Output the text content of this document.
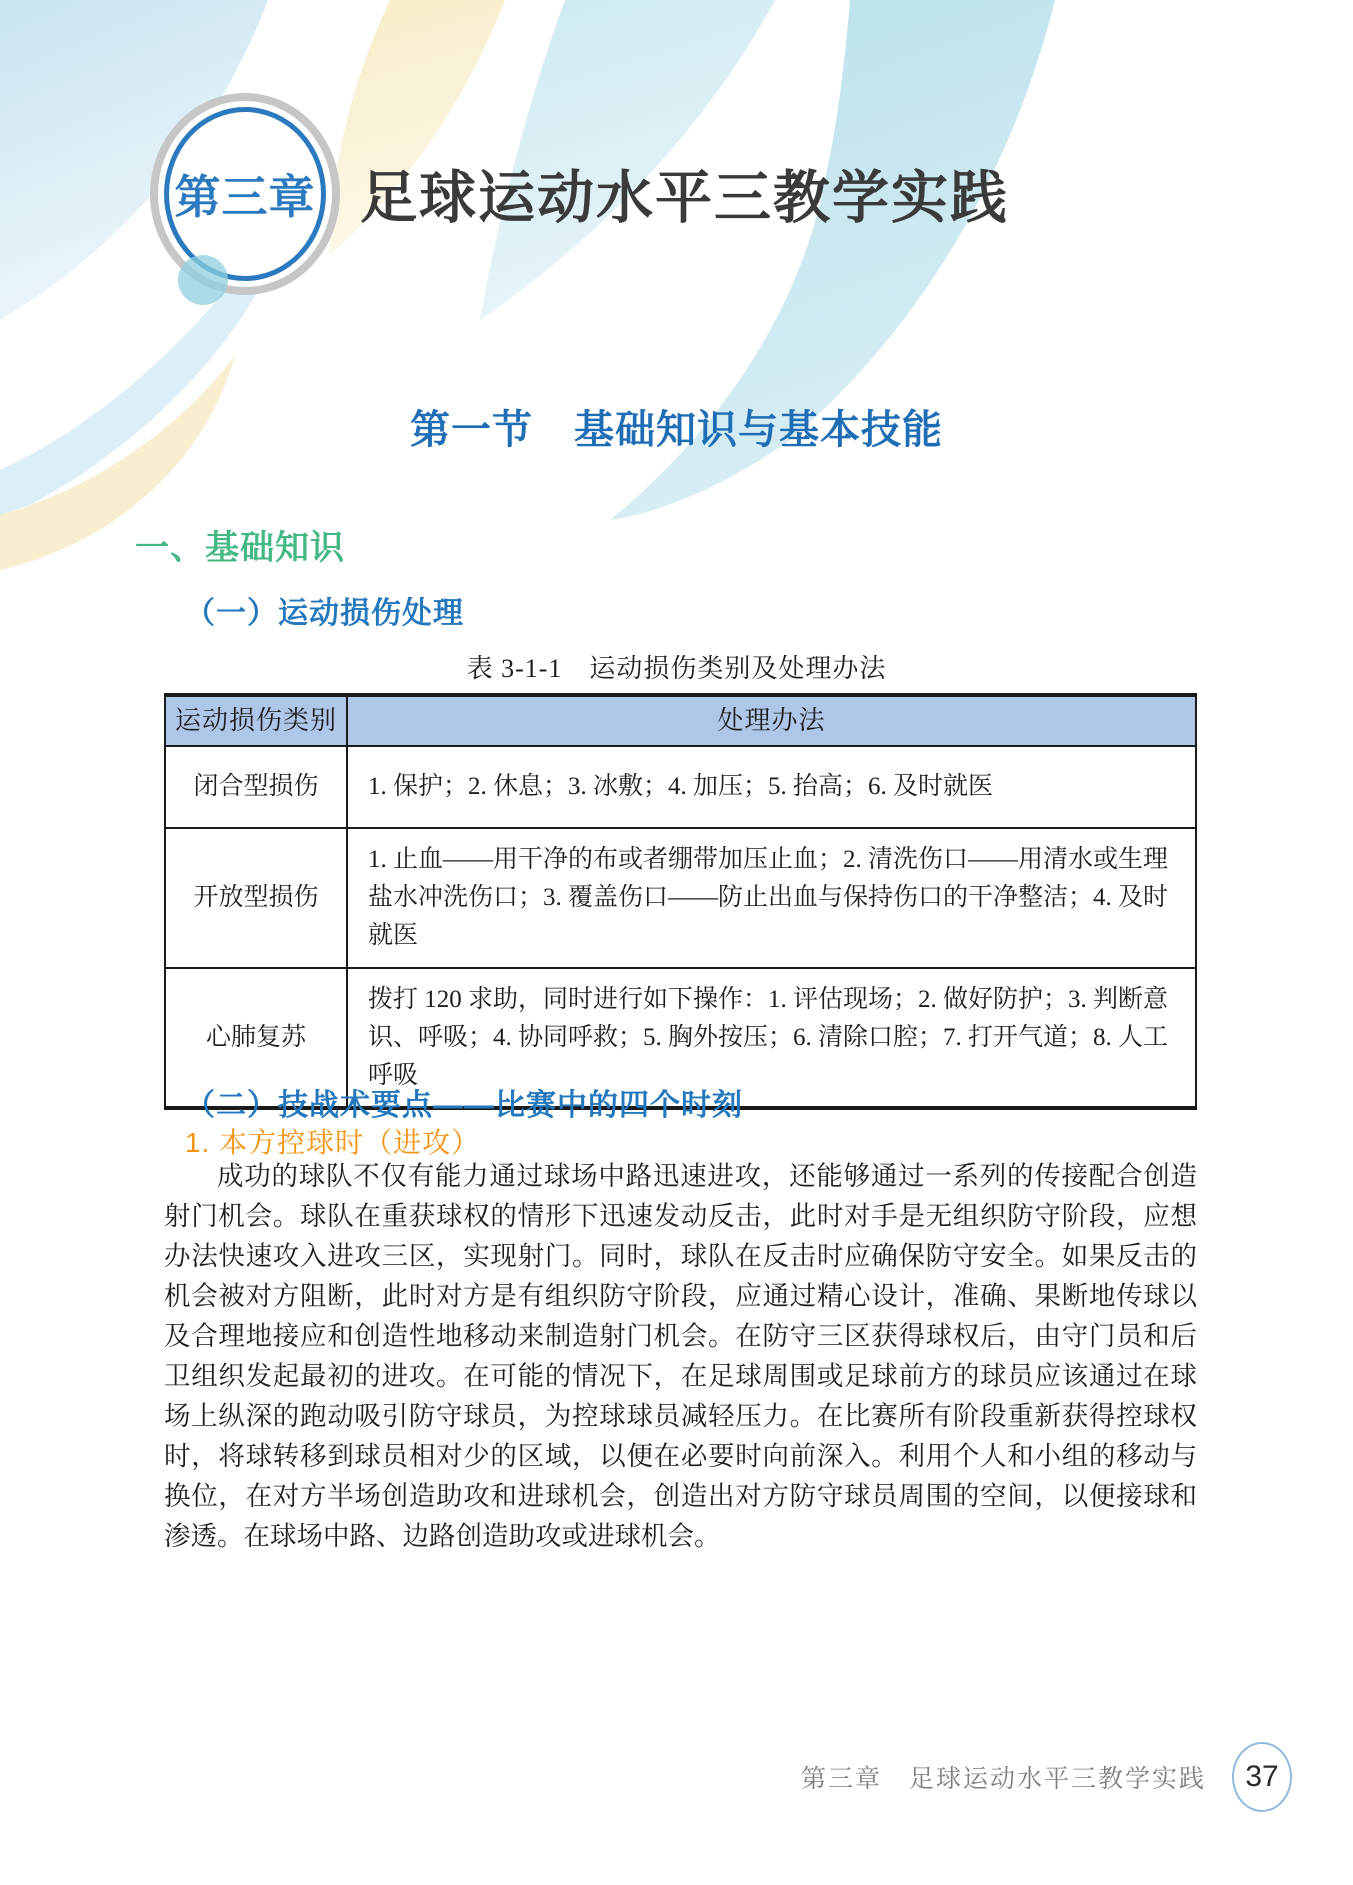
第三章 足球运动水平三教学实践
第一节　基础知识与基本技能
一、基础知识
（一）运动损伤处理
表 3-1-1　运动损伤类别及处理办法
运动损伤类别	处理办法
闭合型损伤	1. 保护；2. 休息；3. 冰敷；4. 加压；5. 抬高；6. 及时就医
开放型损伤	1. 止血——用干净的布或者绷带加压止血；2. 清洗伤口——用清水或生理盐水冲洗伤口；3. 覆盖伤口——防止出血与保持伤口的干净整洁；4. 及时就医
心肺复苏	拨打 120 求助，同时进行如下操作：1. 评估现场；2. 做好防护；3. 判断意识、呼吸；4. 协同呼救；5. 胸外按压；6. 清除口腔；7. 打开气道；8. 人工呼吸
（二）技战术要点——比赛中的四个时刻
1. 本方控球时（进攻）
成功的球队不仅有能力通过球场中路迅速进攻，还能够通过一系列的传接配合创造射门机会。球队在重获球权的情形下迅速发动反击，此时对手是无组织防守阶段，应想办法快速攻入进攻三区，实现射门。同时，球队在反击时应确保防守安全。如果反击的机会被对方阻断，此时对方是有组织防守阶段，应通过精心设计，准确、果断地传球以及合理地接应和创造性地移动来制造射门机会。在防守三区获得球权后，由守门员和后卫组织发起最初的进攻。在可能的情况下，在足球周围或足球前方的球员应该通过在球场上纵深的跑动吸引防守球员，为控球球员减轻压力。在比赛所有阶段重新获得控球权时，将球转移到球员相对少的区域，以便在必要时向前深入。利用个人和小组的移动与换位，在对方半场创造助攻和进球机会，创造出对方防守球员周围的空间，以便接球和渗透。在球场中路、边路创造助攻或进球机会。
第三章　足球运动水平三教学实践 37
